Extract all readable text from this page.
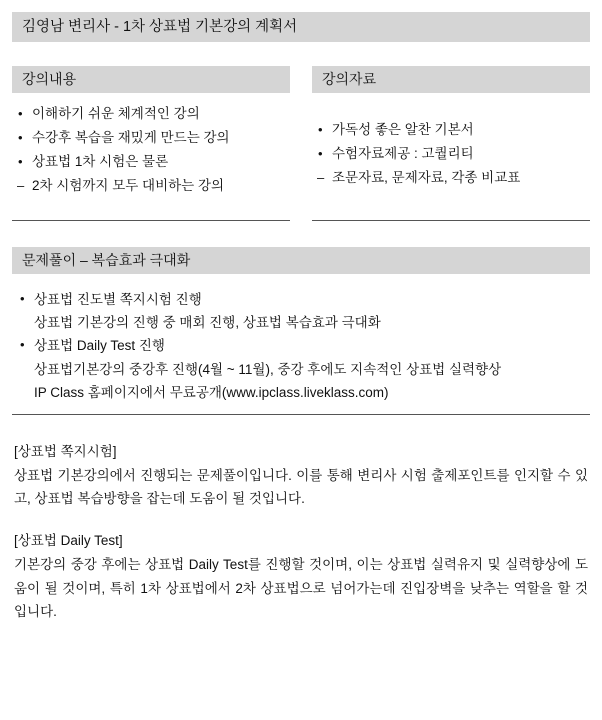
김영남 변리사 - 1차 상표법 기본강의 계획서
강의내용
• 이해하기 쉬운 체계적인 강의
• 수강후 복습을 재밌게 만드는 강의
• 상표법 1차 시험은 물론
– 2차 시험까지 모두 대비하는 강의
강의자료
• 가독성 좋은 알찬 기본서
• 수험자료제공 : 고퀄리티
– 조문자료, 문제자료, 각종 비교표
문제풀이 – 복습효과 극대화
• 상표법 진도별 쪽지시험 진행
상표법 기본강의 진행 중 매회 진행, 상표법 복습효과 극대화
• 상표법 Daily Test 진행
상표법기본강의 중강후 진행(4월 ~ 11월), 중강 후에도 지속적인 상표법 실력향상
IP Class 홈페이지에서 무료공개(www.ipclass.liveklass.com)
[상표법 쪽지시험]
상표법 기본강의에서 진행되는 문제풀이입니다. 이를 통해 변리사 시험 출제포인트를 인지할 수 있고, 상표법 복습방향을 잡는데 도움이 될 것입니다.
[상표법 Daily Test]
기본강의 중강 후에는 상표법 Daily Test를 진행할 것이며, 이는 상표법 실력유지 및 실력향상에 도움이 될 것이며, 특히 1차 상표법에서 2차 상표법으로 넘어가는데 진입장벽을 낮추는 역할을 할 것입니다.
